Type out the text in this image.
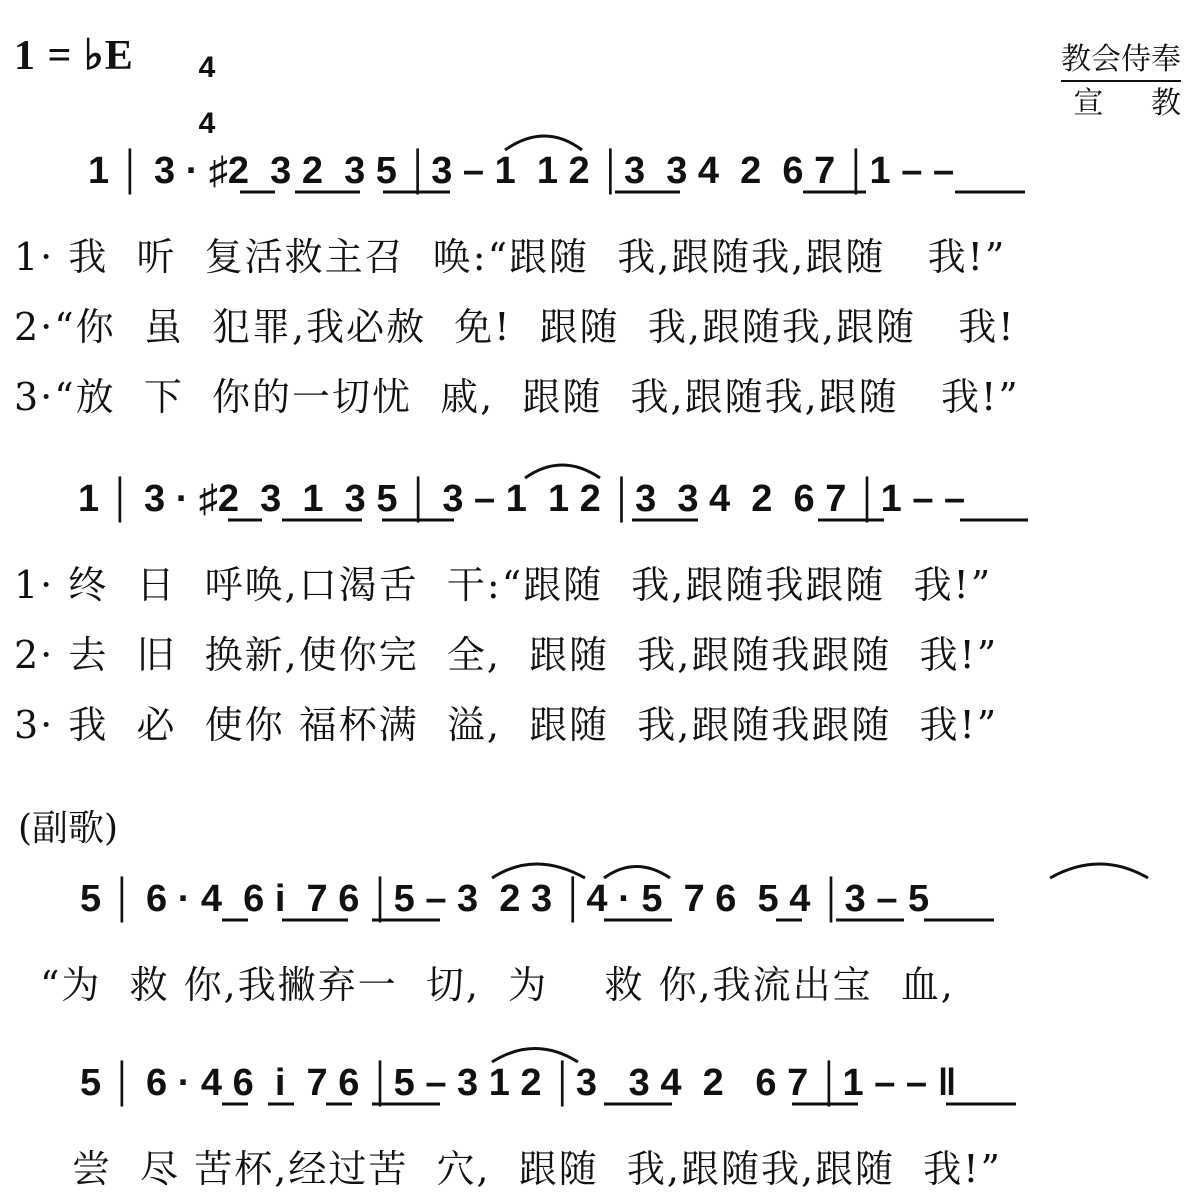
1 = ♭E	4

4

教会侍奉
宣     教
1 │ 3 · ♯2  3 2  3 5 │3 – 1  1 2 │3  3 4  2  6 7 │1 – –
1· 我  听  复活救主召  唤:“跟随  我,跟随我,跟随   我!”
2·“你  虽  犯罪,我必赦  免!  跟随  我,跟随我,跟随   我!
3·“放  下  你的一切忧  戚,  跟随  我,跟随我,跟随   我!”
1 │ 3 · ♯2  3  1  3 5 │ 3 – 1  1 2 │3  3 4  2  6 7 │1 – –
1· 终  日  呼唤,口渴舌  干:“跟随  我,跟随我跟随  我!”
2· 去  旧  换新,使你完  全,  跟随  我,跟随我跟随  我!”
3· 我  必  使你 福杯满  溢,  跟随  我,跟随我跟随  我!”
(副歌)
5 │ 6 · 4  6 i  7 6 │5 – 3  2 3 │4 · 5  7 6  5 4 │3 – 5
“为  救 你,我撇弃一  切,  为    救 你,我流出宝  血,
5 │ 6 · 4 6  i  7 6 │5 – 3 1 2 │3   3 4  2   6 7 │1 – – ‖
尝  尽 苦杯,经过苦  穴,  跟随  我,跟随我,跟随  我!”
